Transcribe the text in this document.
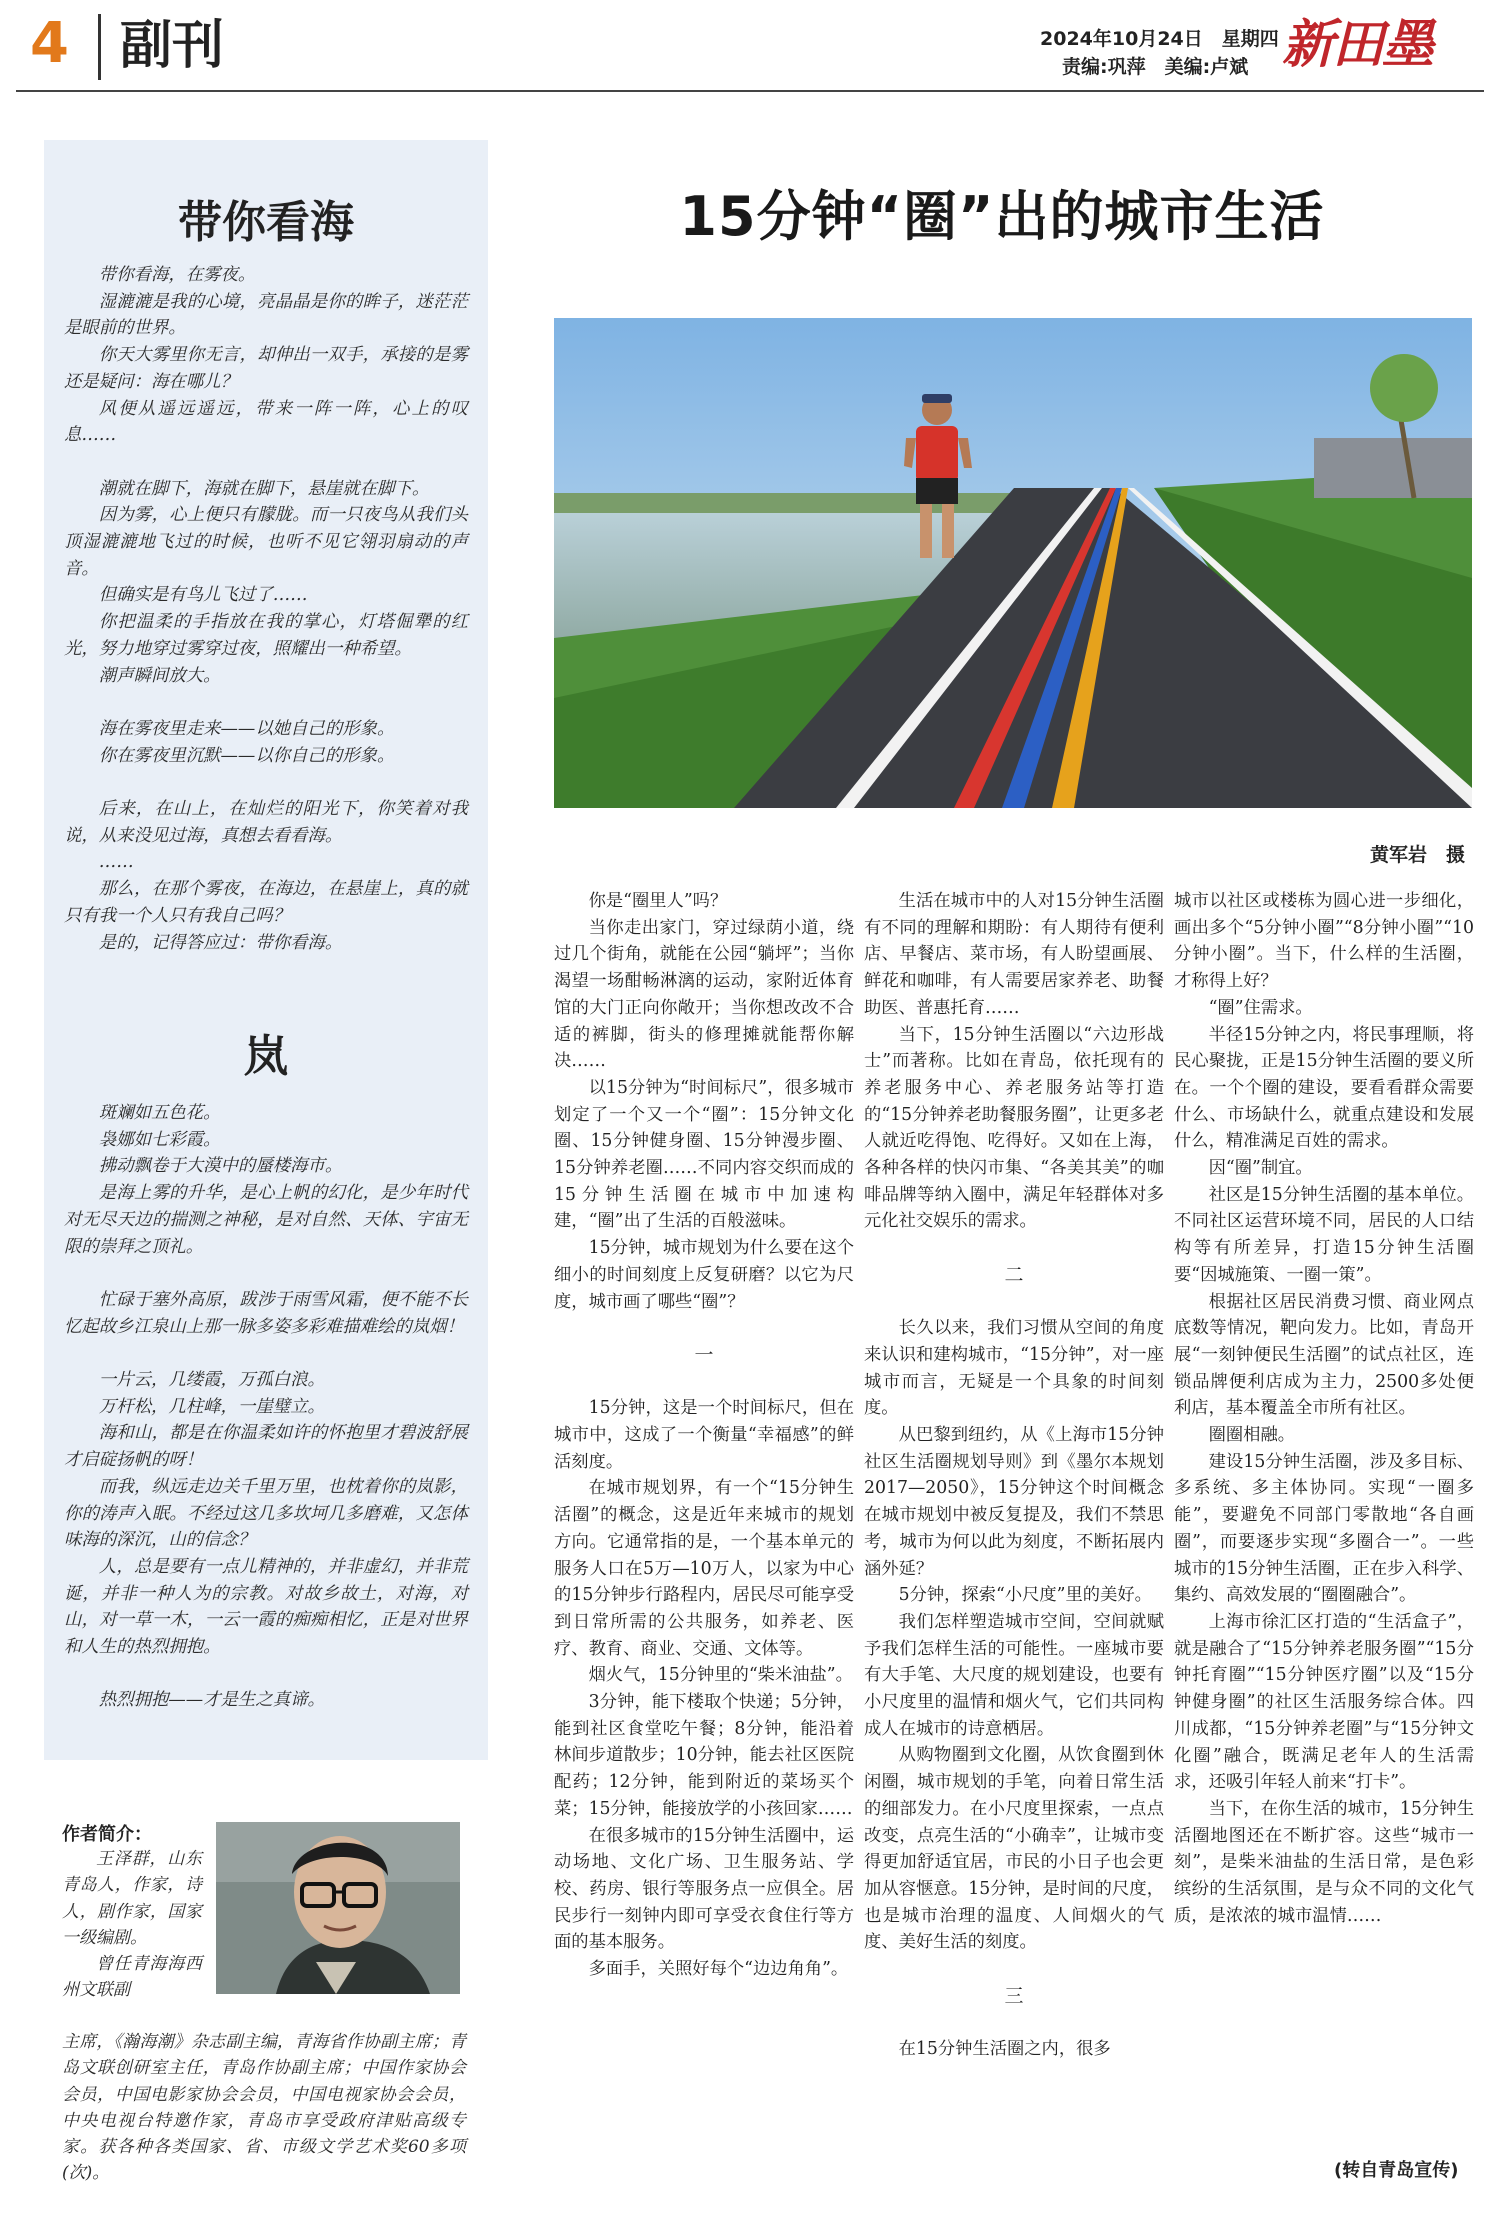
4 副刊	2024年10月24日　星期四
责编:巩萍　美编:卢斌 新田墨
带你看海

带你看海，在雾夜。

湿漉漉是我的心境，亮晶晶是你的眸子，迷茫茫是眼前的世界。

你天大雾里你无言，却伸出一双手，承接的是雾还是疑问：海在哪儿？

风便从遥远遥远，带来一阵一阵，心上的叹息……

潮就在脚下，海就在脚下，悬崖就在脚下。

因为雾，心上便只有朦胧。而一只夜鸟从我们头顶湿漉漉地飞过的时候，也听不见它翎羽扇动的声音。

但确实是有鸟儿飞过了……

你把温柔的手指放在我的掌心，灯塔倔犟的红光，努力地穿过雾穿过夜，照耀出一种希望。

潮声瞬间放大。

海在雾夜里走来——以她自己的形象。

你在雾夜里沉默——以你自己的形象。

后来，在山上，在灿烂的阳光下，你笑着对我说，从来没见过海，真想去看看海。

……

那么，在那个雾夜，在海边，在悬崖上，真的就只有我一个人只有我自己吗？

是的，记得答应过：带你看海。

岚

斑斓如五色花。

袅娜如七彩霞。

拂动飘卷于大漠中的蜃楼海市。

是海上雾的升华，是心上帆的幻化，是少年时代对无尽天边的揣测之神秘，是对自然、天体、宇宙无限的崇拜之顶礼。

忙碌于塞外高原，跋涉于雨雪风霜，便不能不长忆起故乡江泉山上那一脉多姿多彩难描难绘的岚烟！

一片云，几缕霞，万孤白浪。

万杆松，几柱峰，一崖璧立。

海和山，都是在你温柔如许的怀抱里才碧波舒展才启碇扬帆的呀！

而我，纵远走边关千里万里，也枕着你的岚影，你的涛声入眠。不经过这几多坎坷几多磨难，又怎体味海的深沉，山的信念？

人，总是要有一点儿精神的，并非虚幻，并非荒诞，并非一种人为的宗教。对故乡故土，对海，对山，对一草一木，一云一霞的痴痴相忆，正是对世界和人生的热烈拥抱。

热烈拥抱——才是生之真谛。

作者简介：

王泽群，山东青岛人，作家，诗人，剧作家，国家一级编剧。

曾任青海海西州文联副

主席，《瀚海潮》杂志副主编，青海省作协副主席；青岛文联创研室主任，青岛作协副主席；中国作家协会会员，中国电影家协会会员，中国电视家协会会员，中央电视台特邀作家，青岛市享受政府津贴高级专家。获各种各类国家、省、市级文学艺术奖60多项(次)。

15分钟“圈”出的城市生活
黄军岩　摄

你是“圈里人”吗？

当你走出家门，穿过绿荫小道，绕过几个街角，就能在公园“躺坪”；当你渴望一场酣畅淋漓的运动，家附近体育馆的大门正向你敞开；当你想改改不合适的裤脚，街头的修理摊就能帮你解决……

以15分钟为“时间标尺”，很多城市划定了一个又一个“圈”：15分钟文化圈、15分钟健身圈、15分钟漫步圈、15分钟养老圈……不同内容交织而成的15分钟生活圈在城市中加速构建，“圈”出了生活的百般滋味。

15分钟，城市规划为什么要在这个细小的时间刻度上反复研磨？以它为尺度，城市画了哪些“圈”？

一

15分钟，这是一个时间标尺，但在城市中，这成了一个衡量“幸福感”的鲜活刻度。

在城市规划界，有一个“15分钟生活圈”的概念，这是近年来城市的规划方向。它通常指的是，一个基本单元的服务人口在5万—10万人，以家为中心的15分钟步行路程内，居民尽可能享受到日常所需的公共服务，如养老、医疗、教育、商业、交通、文体等。

烟火气，15分钟里的“柴米油盐”。

3分钟，能下楼取个快递；5分钟，能到社区食堂吃午餐；8分钟，能沿着林间步道散步；10分钟，能去社区医院配药；12分钟，能到附近的菜场买个菜；15分钟，能接放学的小孩回家……

在很多城市的15分钟生活圈中，运动场地、文化广场、卫生服务站、学校、药房、银行等服务点一应俱全。居民步行一刻钟内即可享受衣食住行等方面的基本服务。

多面手，关照好每个“边边角角”。

生活在城市中的人对15分钟生活圈有不同的理解和期盼：有人期待有便利店、早餐店、菜市场，有人盼望画展、鲜花和咖啡，有人需要居家养老、助餐助医、普惠托育……

当下，15分钟生活圈以“六边形战士”而著称。比如在青岛，依托现有的养老服务中心、养老服务站等打造的“15分钟养老助餐服务圈”，让更多老人就近吃得饱、吃得好。又如在上海，各种各样的快闪市集、“各美其美”的咖啡品牌等纳入圈中，满足年轻群体对多元化社交娱乐的需求。

二

长久以来，我们习惯从空间的角度来认识和建构城市，“15分钟”，对一座城市而言，无疑是一个具象的时间刻度。

从巴黎到纽约，从《上海市15分钟社区生活圈规划导则》到《墨尔本规划2017—2050》，15分钟这个时间概念在城市规划中被反复提及，我们不禁思考，城市为何以此为刻度，不断拓展内涵外延？

5分钟，探索“小尺度”里的美好。

我们怎样塑造城市空间，空间就赋予我们怎样生活的可能性。一座城市要有大手笔、大尺度的规划建设，也要有小尺度里的温情和烟火气，它们共同构成人在城市的诗意栖居。

从购物圈到文化圈，从饮食圈到休闲圈，城市规划的手笔，向着日常生活的细部发力。在小尺度里探索，一点点改变，点亮生活的“小确幸”，让城市变得更加舒适宜居，市民的小日子也会更加从容惬意。15分钟，是时间的尺度，也是城市治理的温度、人间烟火的气度、美好生活的刻度。

三

在15分钟生活圈之内，很多

城市以社区或楼栋为圆心进一步细化，画出多个“5分钟小圈”“8分钟小圈”“10分钟小圈”。当下，什么样的生活圈，才称得上好？

“圈”住需求。

半径15分钟之内，将民事理顺，将民心聚拢，正是15分钟生活圈的要义所在。一个个圈的建设，要看看群众需要什么、市场缺什么，就重点建设和发展什么，精准满足百姓的需求。

因“圈”制宜。

社区是15分钟生活圈的基本单位。不同社区运营环境不同，居民的人口结构等有所差异，打造15分钟生活圈要“因城施策、一圈一策”。

根据社区居民消费习惯、商业网点底数等情况，靶向发力。比如，青岛开展“一刻钟便民生活圈”的试点社区，连锁品牌便利店成为主力，2500多处便利店，基本覆盖全市所有社区。

圈圈相融。

建设15分钟生活圈，涉及多目标、多系统、多主体协同。实现“一圈多能”，要避免不同部门零散地“各自画圈”，而要逐步实现“多圈合一”。一些城市的15分钟生活圈，正在步入科学、集约、高效发展的“圈圈融合”。

上海市徐汇区打造的“生活盒子”，就是融合了“15分钟养老服务圈”“15分钟托育圈”“15分钟医疗圈”以及“15分钟健身圈”的社区生活服务综合体。四川成都，“15分钟养老圈”与“15分钟文化圈”融合，既满足老年人的生活需求，还吸引年轻人前来“打卡”。

当下，在你生活的城市，15分钟生活圈地图还在不断扩容。这些“城市一刻”，是柴米油盐的生活日常，是色彩缤纷的生活氛围，是与众不同的文化气质，是浓浓的城市温情……

(转自青岛宣传)
